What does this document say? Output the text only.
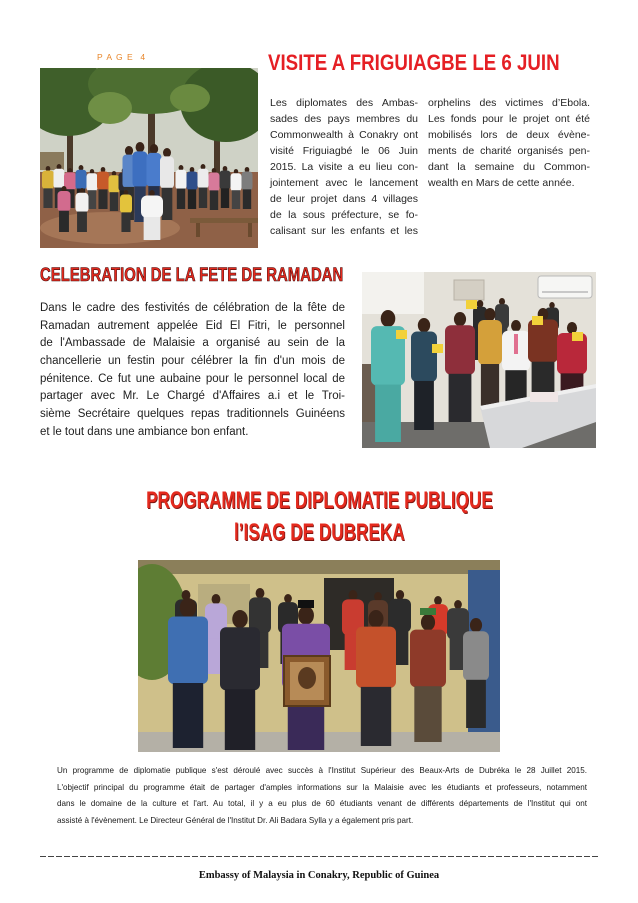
P A G E  4	VISITE A FRIGUIAGBE LE 6 JUIN
Les diplomates des Ambas-
sades des pays membres du
Commonwealth à Conakry ont
visité Friguiagbé le 06 Juin
2015. La visite a eu lieu con-
jointement avec le lancement
de leur projet dans 4 villages
de la sous préfecture, se fo-
calisant sur les enfants et les
orphelins des victimes d’Ebola.
Les fonds pour le projet ont été
mobilisés lors de deux évène-
ments de charité organisés pen-
dant la semaine du Common-
wealth en Mars de cette année.
CELEBRATION DE LA FETE DE RAMADAN
Dans le cadre des festivités de célébration de la fête de
Ramadan autrement appelée Eid El Fitri, le personnel
de l'Ambassade de Malaisie a organisé au sein de la
chancellerie un festin pour célébrer la fin d'un mois de
pénitence. Ce fut une aubaine pour le personnel local de
partager avec Mr. Le Chargé d'Affaires a.i et le Troi-
sième Secrétaire quelques repas traditionnels Guinéens
et le tout dans une ambiance bon enfant.
PROGRAMME DE DIPLOMATIE PUBLIQUE
l’ISAG DE DUBREKA
Un programme de diplomatie publique s'est déroulé avec succès à l'Institut Supérieur des Beaux-Arts de Dubréka le 28 Juillet 2015.
L'objectif principal du programme était de partager d'amples informations sur la Malaisie avec les étudiants et professeurs, notamment
dans le domaine de la culture et l'art. Au total, il y a eu plus de 60 étudiants venant de différents départements de l'Institut qui ont
assisté à l'évènement. Le Directeur Général de l'Institut Dr. Ali Badara Sylla y a également pris part.
Embassy of Malaysia in Conakry, Republic of Guinea
